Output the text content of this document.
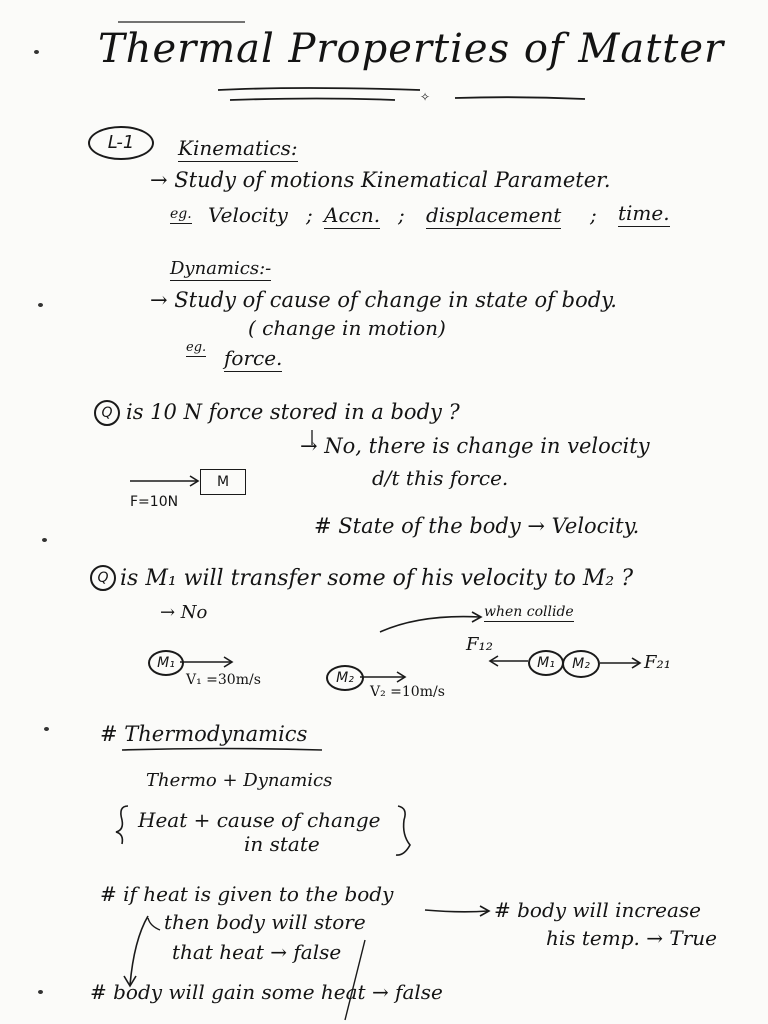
✧
Thermal Properties of Matter
L-1	Kinematics:
→ Study of motions Kinematical Parameter.
eg. Velocity ; Accn. ; displacement ; time.
Dynamics:-
→ Study of cause of change in state of body.
( change in motion)
eg. force.
Q is 10 N force stored in a body ?
→ No, there is change in velocity
d/t this force.
M
F=10N
# State of the body → Velocity.
Q is M₁ will transfer some of his velocity to M₂ ?
→ No	when collide
M₁
V₁ =30m/s	M₂
V₂ =10m/s
F₁₂
M₁	M₂	F₂₁
# Thermodynamics
Thermo + Dynamics
Heat + cause of change
in state
# if heat is given to the body
then body will store
that heat → false
# body will increase
his temp. → True
# body will gain some heat → false
